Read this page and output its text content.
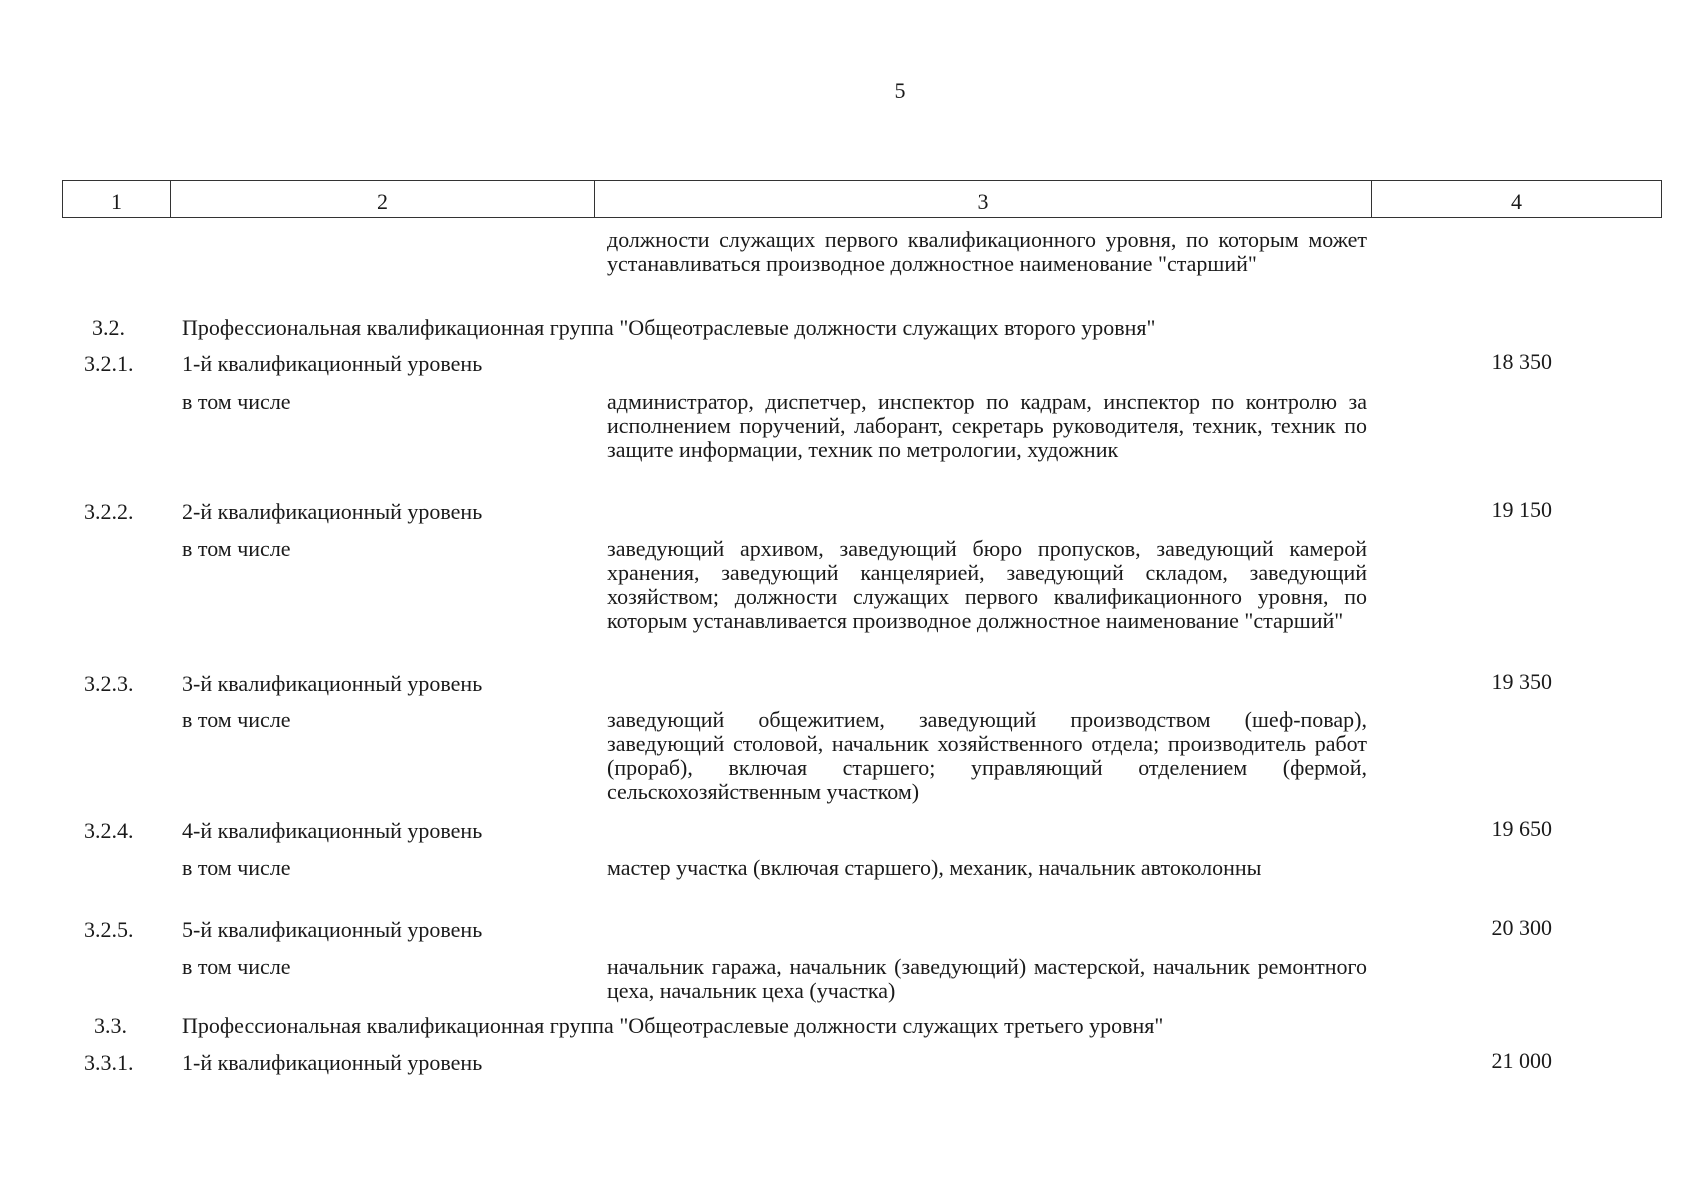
5
1	2	3	4
должности служащих первого квалификационного уровня, по которым может устанавливаться производное должностное наименование "старший"
3.2.	Профессиональная квалификационная группа "Общеотраслевые должности служащих второго уровня"
3.2.1. 1-й квалификационный уровень	18 350
в том числе	администратор, диспетчер, инспектор по кадрам, инспектор по контролю за исполнением поручений, лаборант, секретарь руководителя, техник, техник по защите информации, техник по метрологии, художник
3.2.2. 2-й квалификационный уровень	19 150
в том числе	заведующий архивом, заведующий бюро пропусков, заведующий камерой хранения, заведующий канцелярией, заведующий складом, заведующий хозяйством; должности служащих первого квалификационного уровня, по которым устанавливается производное должностное наименование "старший"
3.2.3. 3-й квалификационный уровень	19 350
в том числе	заведующий общежитием, заведующий производством (шеф-повар), заведующий столовой, начальник хозяйственного отдела; производитель работ (прораб), включая старшего; управляющий отделением (фермой, сельскохозяйственным участком)
3.2.4. 4-й квалификационный уровень	19 650
в том числе	мастер участка (включая старшего), механик, начальник автоколонны
3.2.5. 5-й квалификационный уровень	20 300
в том числе	начальник гаража, начальник (заведующий) мастерской, начальник ремонтного цеха, начальник цеха (участка)
3.3.	Профессиональная квалификационная группа "Общеотраслевые должности служащих третьего уровня"
3.3.1. 1-й квалификационный уровень	21 000
